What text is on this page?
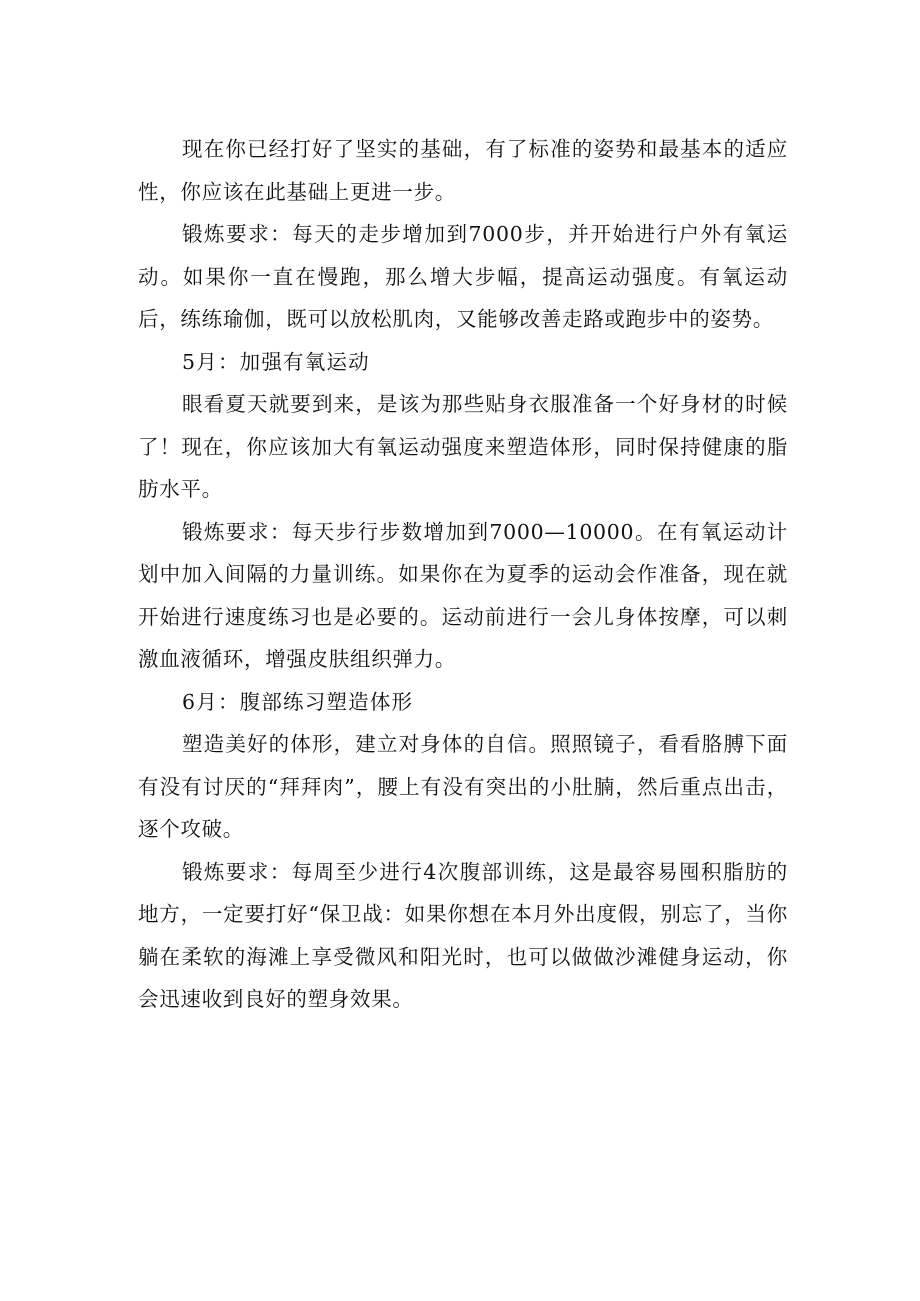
现在你已经打好了坚实的基础，有了标准的姿势和最基本的适应性，你应该在此基础上更进一步。

锻炼要求：每天的走步增加到7000步，并开始进行户外有氧运动。如果你一直在慢跑，那么增大步幅，提高运动强度。有氧运动后，练练瑜伽，既可以放松肌肉，又能够改善走路或跑步中的姿势。

5月：加强有氧运动

眼看夏天就要到来，是该为那些贴身衣服准备一个好身材的时候了！现在，你应该加大有氧运动强度来塑造体形，同时保持健康的脂肪水平。

锻炼要求：每天步行步数增加到7000—10000。在有氧运动计划中加入间隔的力量训练。如果你在为夏季的运动会作准备，现在就开始进行速度练习也是必要的。运动前进行一会儿身体按摩，可以刺激血液循环，增强皮肤组织弹力。

6月：腹部练习塑造体形

塑造美好的体形，建立对身体的自信。照照镜子，看看胳膊下面有没有讨厌的“拜拜肉”，腰上有没有突出的小肚腩，然后重点出击，逐个攻破。

锻炼要求：每周至少进行4次腹部训练，这是最容易囤积脂肪的地方，一定要打好“保卫战：如果你想在本月外出度假，别忘了，当你躺在柔软的海滩上享受微风和阳光时，也可以做做沙滩健身运动，你会迅速收到良好的塑身效果。
